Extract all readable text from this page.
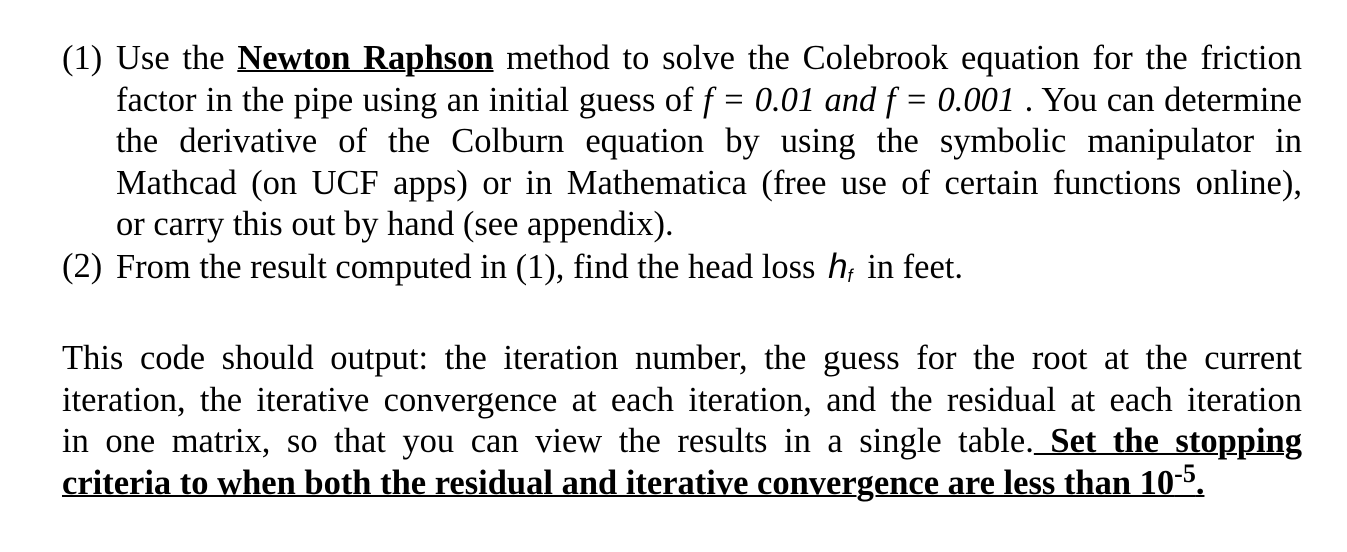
(1) Use the Newton Raphson method to solve the Colebrook equation for the friction
factor in the pipe using an initial guess of f = 0.01 and f = 0.001 . You can determine
the derivative of the Colburn equation by using the symbolic manipulator in
Mathcad (on UCF apps) or in Mathematica (free use of certain functions online),
or carry this out by hand (see appendix).
(2) From the result computed in (1), find the head loss $h_f$ in feet.
This code should output: the iteration number, the guess for the root at the current
iteration, the iterative convergence at each iteration, and the residual at each iteration
in one matrix, so that you can view the results in a single table. Set the stopping
criteria to when both the residual and iterative convergence are less than $10^{-5}$.
